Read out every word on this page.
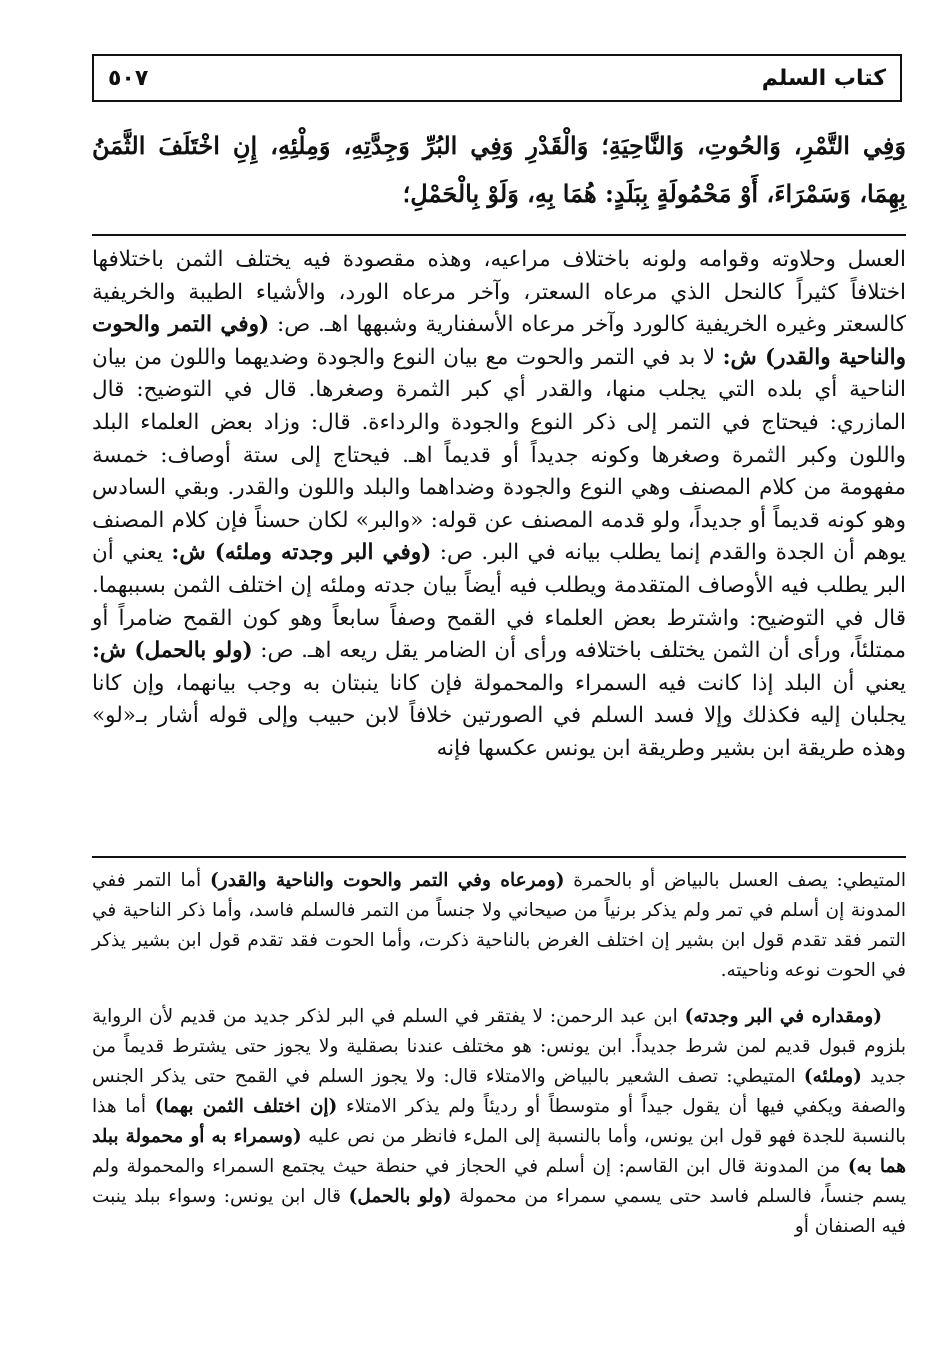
كتاب السلم
٥٠٧
وَفِي التَّمْرِ، وَالحُوتِ، وَالنَّاحِيَةِ؛ وَالْقَدْرِ وَفِي البُرِّ وَجِدَّتِهِ، وَمِلْئِهِ، إِنِ اخْتَلَفَ الثَّمَنُ بِهِمَا، وَسَمْرَاءَ، أَوْ مَحْمُولَةٍ بِبَلَدٍ: هُمَا بِهِ، وَلَوْ بِالْحَمْلِ؛

العسل وحلاوته وقوامه ولونه باختلاف مراعيه، وهذه مقصودة فيه يختلف الثمن باختلافها اختلافاً كثيراً كالنحل الذي مرعاه السعتر، وآخر مرعاه الورد، والأشياء الطيبة والخريفية كالسعتر وغيره الخريفية كالورد وآخر مرعاه الأسفنارية وشبهها اهـ. ص: (وفي التمر والحوت والناحية والقدر) ش: لا بد في التمر والحوت مع بيان النوع والجودة وضديهما واللون من بيان الناحية أي بلده التي يجلب منها، والقدر أي كبر الثمرة وصغرها. قال في التوضيح: قال المازري: فيحتاج في التمر إلى ذكر النوع والجودة والرداءة. قال: وزاد بعض العلماء البلد واللون وكبر الثمرة وصغرها وكونه جديداً أو قديماً اهـ. فيحتاج إلى ستة أوصاف: خمسة مفهومة من كلام المصنف وهي النوع والجودة وضداهما والبلد واللون والقدر. وبقي السادس وهو كونه قديماً أو جديداً، ولو قدمه المصنف عن قوله: «والبر» لكان حسناً فإن كلام المصنف يوهم أن الجدة والقدم إنما يطلب بيانه في البر. ص: (وفي البر وجدته وملئه) ش: يعني أن البر يطلب فيه الأوصاف المتقدمة ويطلب فيه أيضاً بيان جدته وملئه إن اختلف الثمن بسببهما. قال في التوضيح: واشترط بعض العلماء في القمح وصفاً سابعاً وهو كون القمح ضامراً أو ممتلئاً، ورأى أن الثمن يختلف باختلافه ورأى أن الضامر يقل ريعه اهـ. ص: (ولو بالحمل) ش: يعني أن البلد إذا كانت فيه السمراء والمحمولة فإن كانا ينبتان به وجب بيانهما، وإن كانا يجلبان إليه فكذلك وإلا فسد السلم في الصورتين خلافاً لابن حبيب وإلى قوله أشار بـ«لو» وهذه طريقة ابن بشير وطريقة ابن يونس عكسها فإنه

المتيطي: يصف العسل بالبياض أو بالحمرة (ومرعاه وفي التمر والحوت والناحية والقدر) أما التمر ففي المدونة إن أسلم في تمر ولم يذكر برنياً من صيحاني ولا جنساً من التمر فالسلم فاسد، وأما ذكر الناحية في التمر فقد تقدم قول ابن بشير إن اختلف الغرض بالناحية ذكرت، وأما الحوت فقد تقدم قول ابن بشير يذكر في الحوت نوعه وناحيته.

(ومقداره في البر وجدته) ابن عبد الرحمن: لا يفتقر في السلم في البر لذكر جديد من قديم لأن الرواية بلزوم قبول قديم لمن شرط جديداً. ابن يونس: هو مختلف عندنا بصقلية ولا يجوز حتى يشترط قديماً من جديد (وملئه) المتيطي: تصف الشعير بالبياض والامتلاء قال: ولا يجوز السلم في القمح حتى يذكر الجنس والصفة ويكفي فيها أن يقول جيداً أو متوسطاً أو رديئاً ولم يذكر الامتلاء (إن اختلف الثمن بهما) أما هذا بالنسبة للجدة فهو قول ابن يونس، وأما بالنسبة إلى الملء فانظر من نص عليه (وسمراء به أو محمولة ببلد هما به) من المدونة قال ابن القاسم: إن أسلم في الحجاز في حنطة حيث يجتمع السمراء والمحمولة ولم يسم جنساً، فالسلم فاسد حتى يسمي سمراء من محمولة (ولو بالحمل) قال ابن يونس: وسواء ببلد ينبت فيه الصنفان أو
